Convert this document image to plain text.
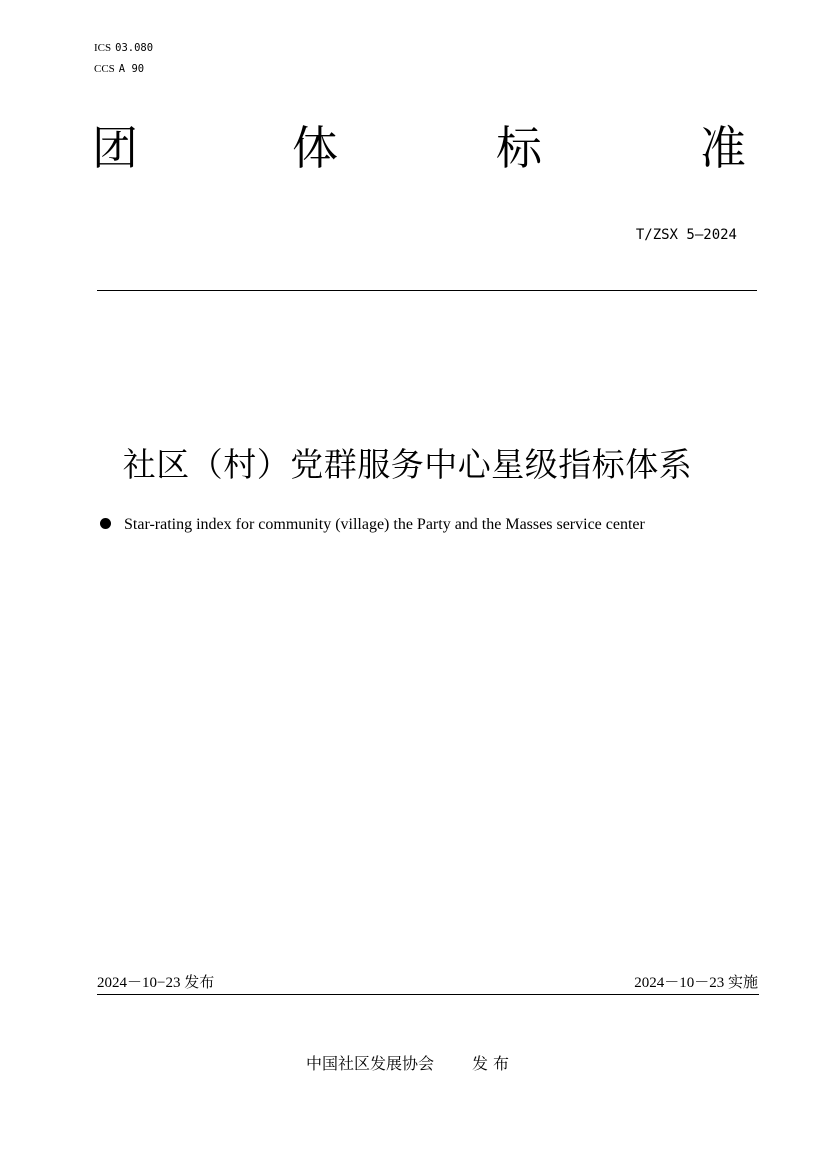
ICS 03.080
CCS A 90
团	体	标	准
T/ZSX 5—2024
社区（村）党群服务中心星级指标体系
Star-rating index for community (village) the Party and the Masses service center
2024－10−23 发布	2024－10－23 实施
中国社区发展协会 发 布
